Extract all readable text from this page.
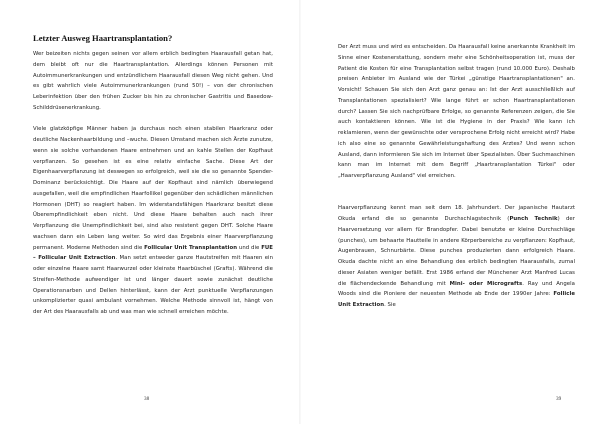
Letzter Ausweg Haartransplantation?

Wer beizeiten nichts gegen seinen vor allem erblich bedingten Haarausfall getan hat, dem bleibt oft nur die Haartransplantation. Allerdings können Personen mit Autoimmunerkrankungen und entzündlichem Haarausfall diesen Weg nicht gehen. Und es gibt wahrlich viele Autoimmunerkrankungen (rund 50!) – von der chronischen Leberinfektion über den frühen Zucker bis hin zu chronischer Gastritis und Basedow-Schilddrüsenerkrankung.

Viele glatzköpfige Männer haben ja durchaus noch einen stabilen Haarkranz oder deutliche Nackenhaarbildung und –wuchs. Diesen Umstand machen sich Ärzte zunutze, wenn sie solche vorhandenen Haare entnehmen und an kahle Stellen der Kopfhaut verpflanzen. So gesehen ist es eine relativ einfache Sache. Diese Art der Eigenhaarverpflanzung ist deswegen so erfolgreich, weil sie die so genannte Spender-Dominanz berücksichtigt. Die Haare auf der Kopfhaut sind nämlich überwiegend ausgefallen, weil die empfindlichen Haarfollikel gegenüber den schädlichen männlichen Hormonen (DHT) so reagiert haben. Im widerstandsfähigen Haarkranz besitzt diese Überempfindlichkeit eben nicht. Und diese Haare behalten auch nach ihrer Verpflanzung die Unempfindlichkeit bei, sind also resistent gegen DHT. Solche Haare wachsen dann ein Leben lang weiter. So wird das Ergebnis einer Haarverpflanzung permanent. Moderne Methoden sind die Follicular Unit Transplantation und die FUE – Follicular Unit Extraction. Man setzt entweder ganze Hautstreifen mit Haaren ein oder einzelne Haare samt Haarwurzel oder kleinste Haarbüschel (Grafts). Während die Streifen-Methode aufwendiger ist und länger dauert sowie zunächst deutliche Operationsnarben und Dellen hinterlässt, kann der Arzt punktuelle Verpflanzungen unkomplizierter quasi ambulant vornehmen. Welche Methode sinnvoll ist, hängt von der Art des Haarausfalls ab und was man wie schnell erreichen möchte.

38

Der Arzt muss und wird es entscheiden. Da Haarausfall keine anerkannte Krankheit im Sinne einer Kostenerstattung, sondern mehr eine Schönheitsoperation ist, muss der Patient die Kosten für eine Transplantation selbst tragen (rund 10.000 Euro). Deshalb preisen Anbieter im Ausland wie der Türkei „günstige Haartransplantationen" an. Vorsicht! Schauen Sie sich den Arzt ganz genau an: Ist der Arzt ausschließlich auf Transplantationen spezialisiert? Wie lange führt er schon Haartransplantationen durch? Lassen Sie sich nachprüfbare Erfolge, so genannte Referenzen zeigen, die Sie auch kontaktieren können. Wie ist die Hygiene in der Praxis? Wie kann ich reklamieren, wenn der gewünschte oder versprochene Erfolg nicht erreicht wird? Habe ich also eine so genannte Gewährleistungshaftung des Arztes? Und wenn schon Ausland, dann informieren Sie sich im Internet über Spezialisten. Über Suchmaschinen kann man im Internet mit dem Begriff „Haartransplantation Türkei" oder „Haarverpflanzung Ausland" viel erreichen.

Haarverpflanzung kennt man seit dem 18. Jahrhundert. Der japanische Hautarzt Okuda erfand die so genannte Durchschlagstechnik (Punch Technik) der Haarversetzung vor allem für Brandopfer. Dabei benutzte er kleine Durchschläge (punches), um behaarte Hautteile in andere Körperbereiche zu verpflanzen: Kopfhaut, Augenbrauen, Schnurbärte. Diese punches produzierten dann erfolgreich Haare. Okuda dachte nicht an eine Behandlung des erblich bedingten Haarausfalls, zumal dieser Asiaten weniger befällt. Erst 1986 erfand der Münchener Arzt Manfred Lucas die flächendeckende Behandlung mit Mini- oder Micrografts. Ray und Angela Woods sind die Pioniere der neuesten Methode ab Ende der 1990er Jahre: Follicle Unit Extraction. Sie

39
